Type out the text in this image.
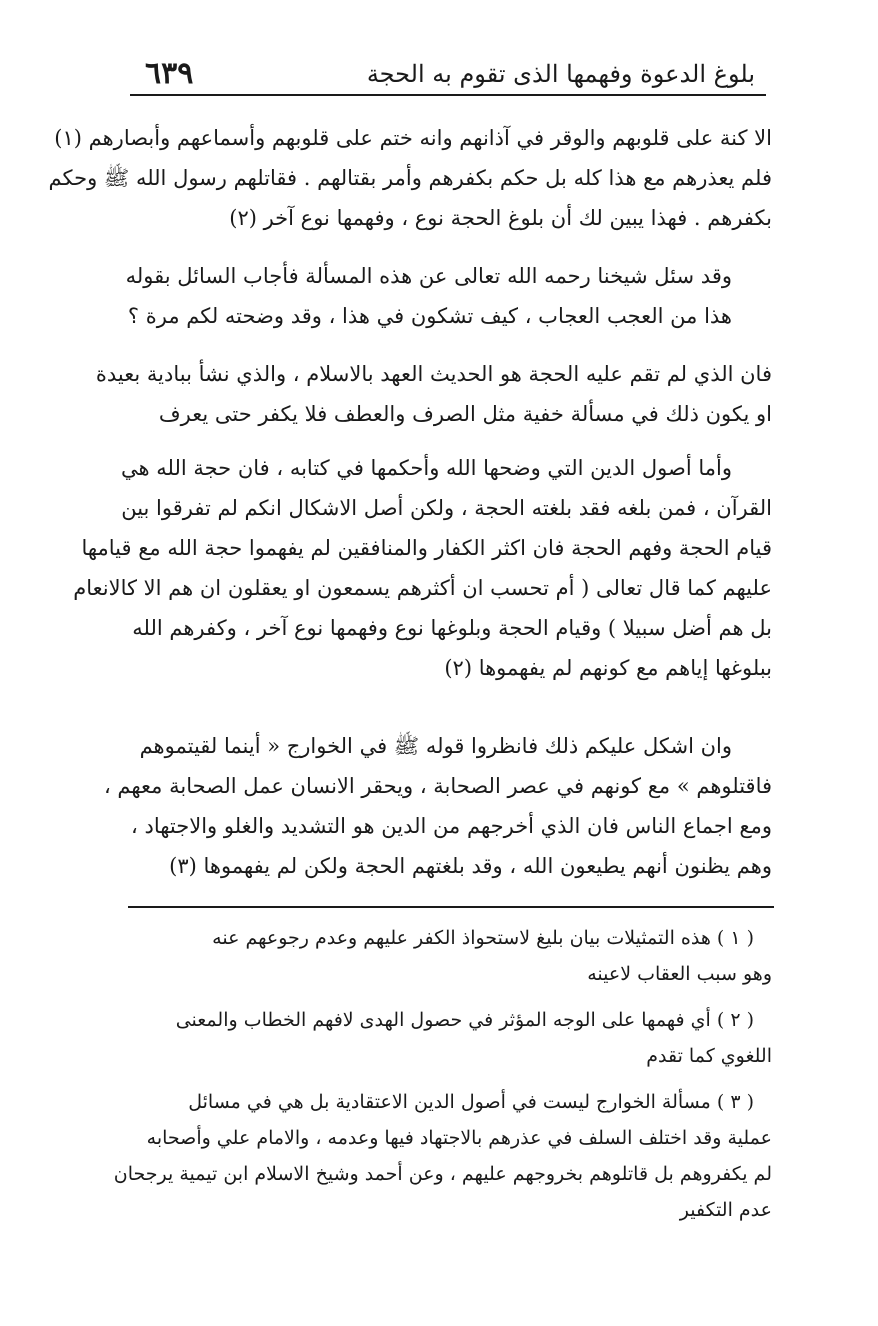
بلوغ الدعوة وفهمها الذى تقوم به الحجة
٦٣٩
الا كنة على قلوبهم والوقر في آذانهم وانه ختم على قلوبهم وأسماعهم وأبصارهم (١)
فلم يعذرهم مع هذا كله بل حكم بكفرهم وأمر بقتالهم . فقاتلهم رسول الله ﷺ وحكم
بكفرهم . فهذا يبين لك أن بلوغ الحجة نوع ، وفهمها نوع آخر (٢)
وقد سئل شيخنا رحمه الله تعالى عن هذه المسألة فأجاب السائل بقوله
هذا من العجب العجاب ، كيف تشكون في هذا ، وقد وضحته لكم مرة ؟
فان الذي لم تقم عليه الحجة هو الحديث العهد بالاسلام ، والذي نشأ ببادية بعيدة
او يكون ذلك في مسألة خفية مثل الصرف والعطف فلا يكفر حتى يعرف
وأما أصول الدين التي وضحها الله وأحكمها في كتابه ، فان حجة الله هي
القرآن ، فمن بلغه فقد بلغته الحجة ، ولكن أصل الاشكال انكم لم تفرقوا بين
قيام الحجة وفهم الحجة فان اكثر الكفار والمنافقين لم يفهموا حجة الله مع قيامها
عليهم كما قال تعالى ( أم تحسب ان أكثرهم يسمعون او يعقلون ان هم الا كالانعام
بل هم أضل سبيلا ) وقيام الحجة وبلوغها نوع وفهمها نوع آخر ، وكفرهم الله
ببلوغها إياهم مع كونهم لم يفهموها (٢)
وان اشكل عليكم ذلك فانظروا قوله ﷺ في الخوارج « أينما لقيتموهم
فاقتلوهم » مع كونهم في عصر الصحابة ، ويحقر الانسان عمل الصحابة معهم ،
ومع اجماع الناس فان الذي أخرجهم من الدين هو التشديد والغلو والاجتهاد ،
وهم يظنون أنهم يطيعون الله ، وقد بلغتهم الحجة ولكن لم يفهموها (٣)
( ١ ) هذه التمثيلات بيان بليغ لاستحواذ الكفر عليهم وعدم رجوعهم عنه
وهو سبب العقاب لاعينه
( ٢ ) أي فهمها على الوجه المؤثر في حصول الهدى لافهم الخطاب والمعنى
اللغوي كما تقدم
( ٣ ) مسألة الخوارج ليست في أصول الدين الاعتقادية بل هي في مسائل
عملية وقد اختلف السلف في عذرهم بالاجتهاد فيها وعدمه ، والامام علي وأصحابه
لم يكفروهم بل قاتلوهم بخروجهم عليهم ، وعن أحمد وشيخ الاسلام ابن تيمية يرجحان
عدم التكفير
